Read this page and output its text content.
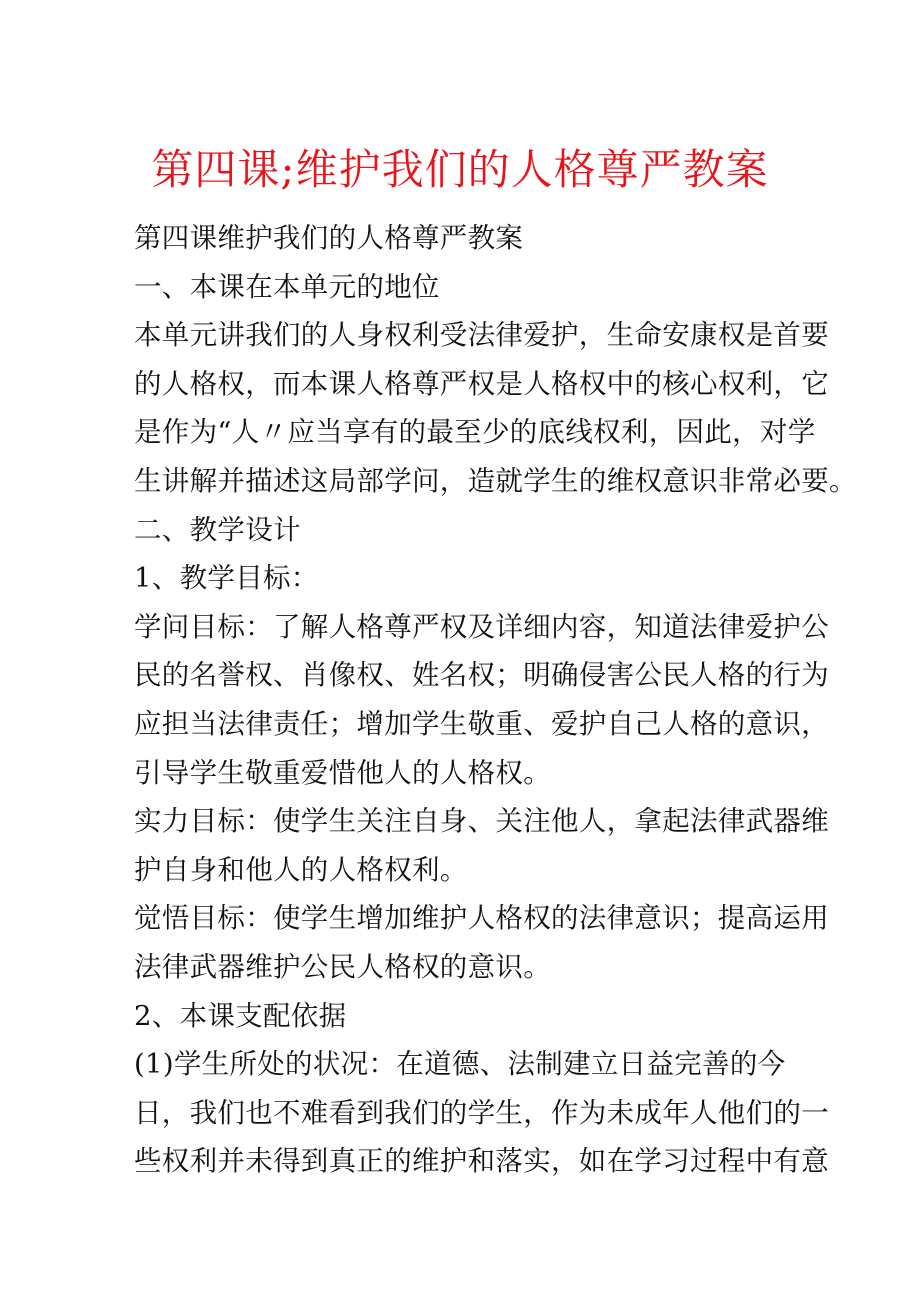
第四课;维护我们的人格尊严教案
第四课维护我们的人格尊严教案
一、本课在本单元的地位
本单元讲我们的人身权利受法律爱护，生命安康权是首要
的人格权，而本课人格尊严权是人格权中的核心权利，它
是作为“人〃应当享有的最至少的底线权利，因此，对学
生讲解并描述这局部学问，造就学生的维权意识非常必要。
二、教学设计
1、教学目标：
学问目标：了解人格尊严权及详细内容，知道法律爱护公
民的名誉权、肖像权、姓名权；明确侵害公民人格的行为
应担当法律责任；增加学生敬重、爱护自己人格的意识，
引导学生敬重爱惜他人的人格权。
实力目标：使学生关注自身、关注他人，拿起法律武器维
护自身和他人的人格权利。
觉悟目标：使学生增加维护人格权的法律意识；提高运用
法律武器维护公民人格权的意识。
2、本课支配依据
(1)学生所处的状况：在道德、法制建立日益完善的今
日，我们也不难看到我们的学生，作为未成年人他们的一
些权利并未得到真正的维护和落实，如在学习过程中有意
